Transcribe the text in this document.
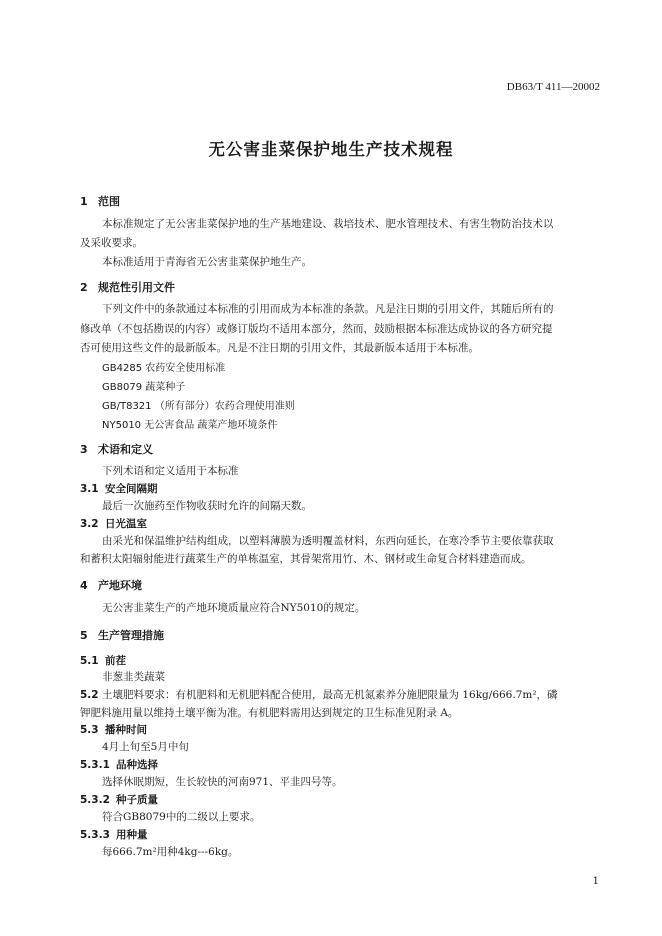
DB63/T 411—20002

无公害韭菜保护地生产技术规程
1 范围
本标准规定了无公害韭菜保护地的生产基地建设、栽培技术、肥水管理技术、有害生物防治技术以
及采收要求。
本标准适用于青海省无公害韭菜保护地生产。
2 规范性引用文件
下列文件中的条款通过本标准的引用而成为本标准的条款。凡是注日期的引用文件，其随后所有的
修改单（不包括勘误的内容）或修订版均不适用本部分，然而，鼓励根据本标准达成协议的各方研究提
否可使用这些文件的最新版本。凡是不注日期的引用文件，其最新版本适用于本标准。
GB4285 农药安全使用标准
GB8079 蔬菜种子
GB/T8321 （所有部分）农药合理使用准则
NY5010 无公害食品 蔬菜产地环境条件
3 术语和定义
下列术语和定义适用于本标准
3.1 安全间隔期
最后一次施药至作物收获时允许的间隔天数。
3.2 日光温室
由采光和保温维护结构组成，以塑料薄膜为透明覆盖材料，东西向延长，在寒冷季节主要依靠获取
和蓄积太阳辐射能进行蔬菜生产的单栋温室，其骨架常用竹、木、钢材或生命复合材料建造而成。
4 产地环境
无公害韭菜生产的产地环境质量应符合NY5010的规定。
5 生产管理措施
5.1 前茬
非葱韭类蔬菜
5.2 土壤肥料要求：有机肥料和无机肥料配合使用，最高无机氮素养分施肥限量为 16kg/666.7m²，磷
钾肥料施用量以维持土壤平衡为准。有机肥料需用达到规定的卫生标准见附录 A。
5.3 播种时间
4月上旬至5月中旬
5.3.1 品种选择
选择休眠期短，生长较快的河南971、平韭四号等。
5.3.2 种子质量
符合GB8079中的二级以上要求。
5.3.3 用种量
每666.7m²用种4kg---6kg。
1
